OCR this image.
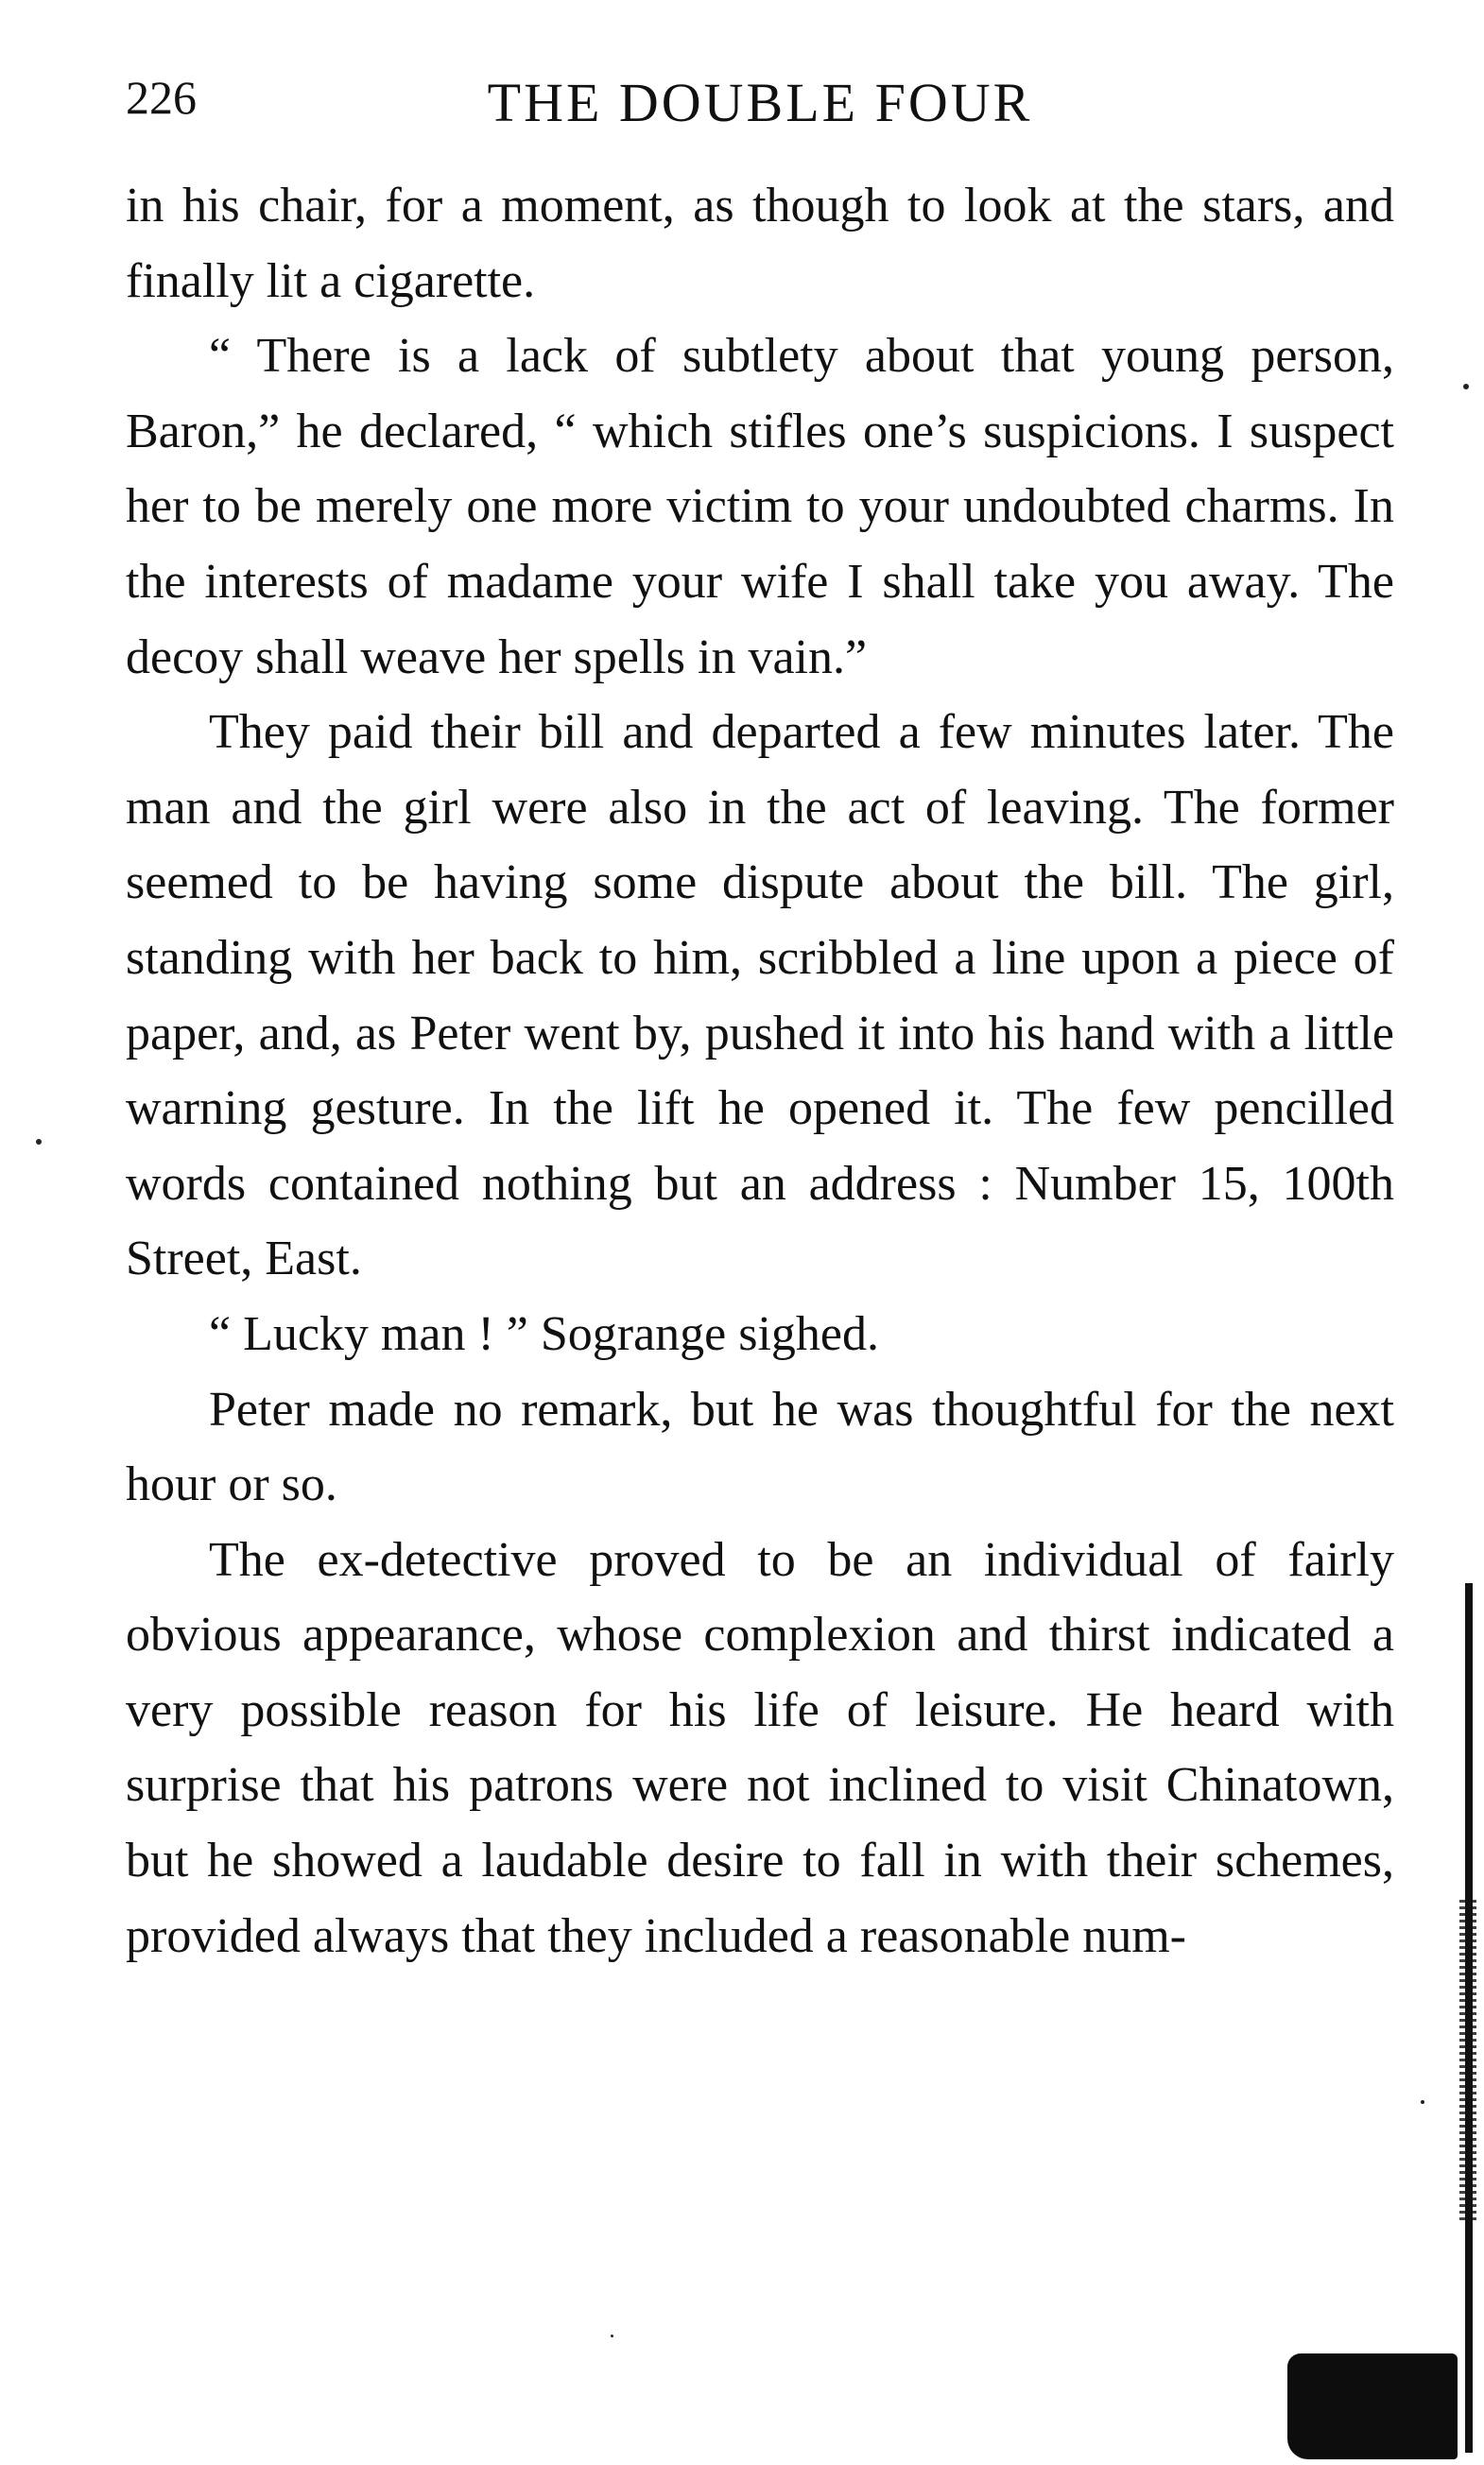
226	THE DOUBLE FOUR

in his chair, for a moment, as though to look at the stars, and finally lit a cigarette.

“ There is a lack of subtlety about that young person, Baron,” he declared, “ which stifles one’s suspicions. I suspect her to be merely one more victim to your undoubted charms. In the interests of madame your wife I shall take you away. The decoy shall weave her spells in vain.”

They paid their bill and departed a few minutes later. The man and the girl were also in the act of leaving. The former seemed to be having some dispute about the bill. The girl, standing with her back to him, scribbled a line upon a piece of paper, and, as Peter went by, pushed it into his hand with a little warning gesture. In the lift he opened it. The few pencilled words contained nothing but an address : Number 15, 100th Street, East.

“ Lucky man ! ” Sogrange sighed.

Peter made no remark, but he was thoughtful for the next hour or so.

The ex-detective proved to be an individual of fairly obvious appearance, whose complexion and thirst indicated a very possible reason for his life of leisure. He heard with surprise that his patrons were not inclined to visit Chinatown, but he showed a laudable desire to fall in with their schemes, provided always that they included a reasonable num-
